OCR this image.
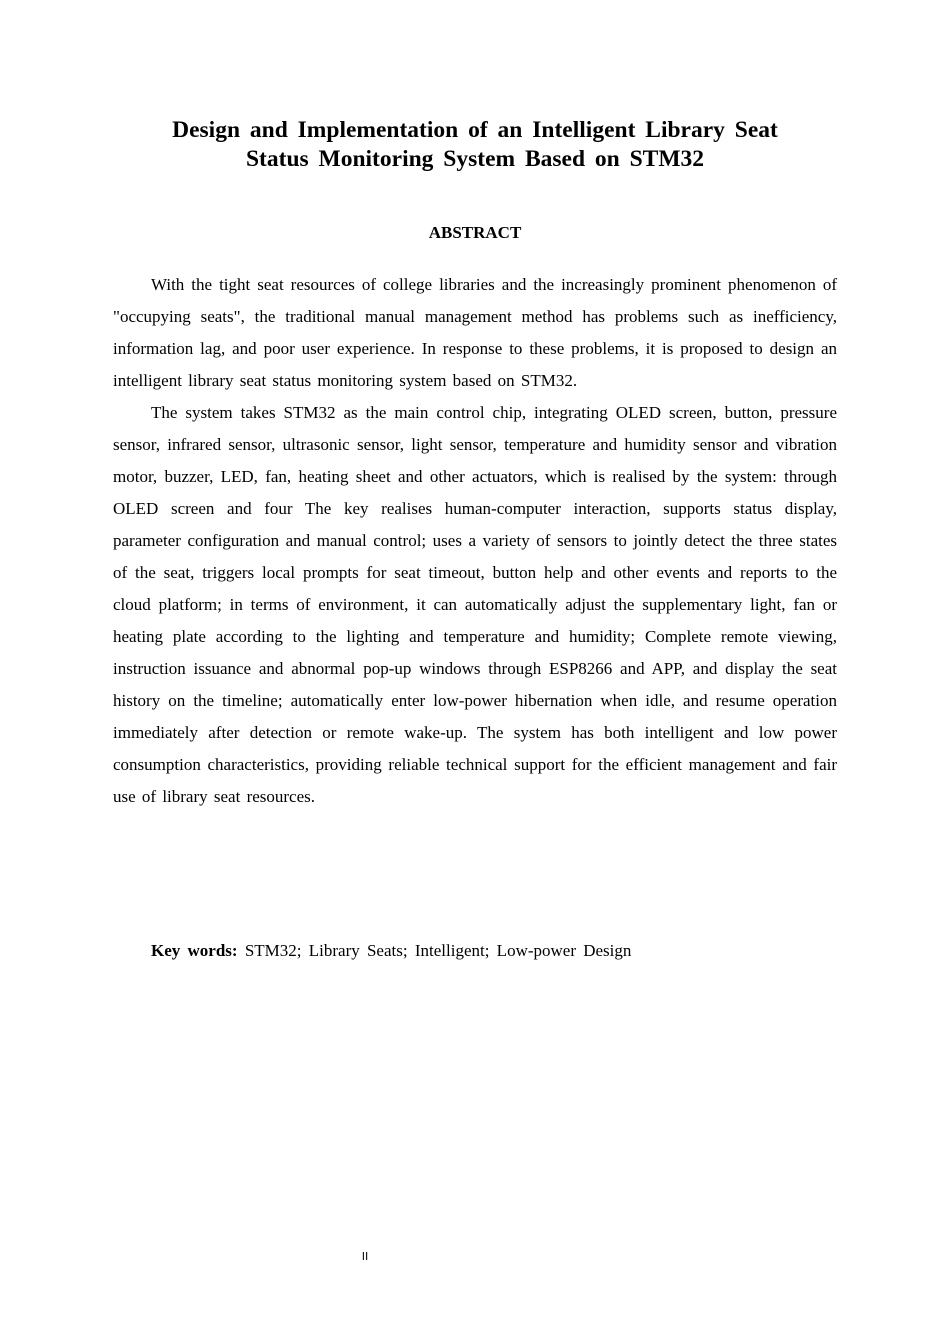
Design and Implementation of an Intelligent Library Seat
Status Monitoring System Based on STM32
ABSTRACT

With the tight seat resources of college libraries and the increasingly prominent phenomenon of "occupying seats", the traditional manual management method has problems such as inefficiency, information lag, and poor user experience. In response to these problems, it is proposed to design an intelligent library seat status monitoring system based on STM32.

The system takes STM32 as the main control chip, integrating OLED screen, button, pressure sensor, infrared sensor, ultrasonic sensor, light sensor, temperature and humidity sensor and vibration motor, buzzer, LED, fan, heating sheet and other actuators, which is realised by the system: through OLED screen and four The key realises human-computer interaction, supports status display, parameter configuration and manual control; uses a variety of sensors to jointly detect the three states of the seat, triggers local prompts for seat timeout, button help and other events and reports to the cloud platform; in terms of environment, it can automatically adjust the supplementary light, fan or heating plate according to the lighting and temperature and humidity; Complete remote viewing, instruction issuance and abnormal pop-up windows through ESP8266 and APP, and display the seat history on the timeline; automatically enter low-power hibernation when idle, and resume operation immediately after detection or remote wake-up. The system has both intelligent and low power consumption characteristics, providing reliable technical support for the efficient management and fair use of library seat resources.

Key words: STM32; Library Seats; Intelligent; Low-power Design
II
